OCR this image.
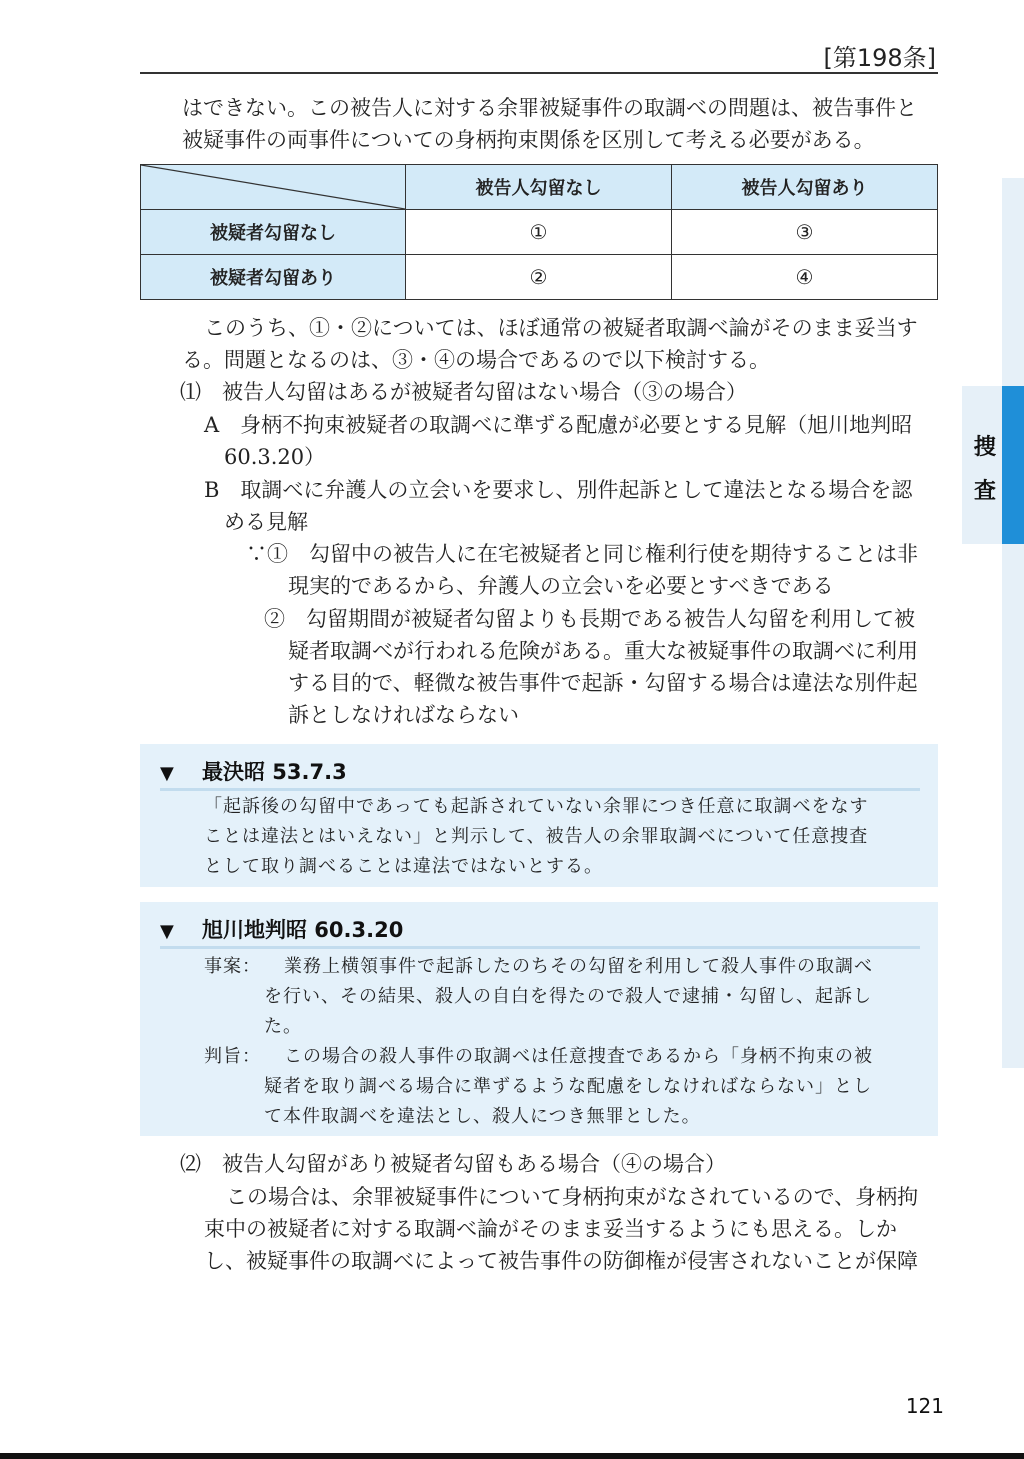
[第198条]

はできない。この被告人に対する余罪被疑事件の取調べの問題は、被告事件と
被疑事件の両事件についての身柄拘束関係を区別して考える必要がある。

	被告人勾留なし	被告人勾留あり
被疑者勾留なし	①	③
被疑者勾留あり	②	④

このうち、①・②については、ほぼ通常の被疑者取調べ論がそのまま妥当す
る。問題となるのは、③・④の場合であるので以下検討する。

⑴　被告人勾留はあるが被疑者勾留はない場合（③の場合）

A　身柄不拘束被疑者の取調べに準ずる配慮が必要とする見解（旭川地判昭
60.3.20）

B　取調べに弁護人の立会いを要求し、別件起訴として違法となる場合を認
める見解

∵①　勾留中の被告人に在宅被疑者と同じ権利行使を期待することは非
現実的であるから、弁護人の立会いを必要とすべきである

②　勾留期間が被疑者勾留よりも長期である被告人勾留を利用して被
疑者取調べが行われる危険がある。重大な被疑事件の取調べに利用
する目的で、軽微な被告事件で起訴・勾留する場合は違法な別件起
訴としなければならない

▼ 最決昭 53.7.3
「起訴後の勾留中であっても起訴されていない余罪につき任意に取調べをなす
ことは違法とはいえない」と判示して、被告人の余罪取調べについて任意捜査
として取り調べることは違法ではないとする。
▼ 旭川地判昭 60.3.20
事案：	業務上横領事件で起訴したのちその勾留を利用して殺人事件の取調べ
を行い、その結果、殺人の自白を得たので殺人で逮捕・勾留し、起訴し
た。
判旨：	この場合の殺人事件の取調べは任意捜査であるから「身柄不拘束の被
疑者を取り調べる場合に準ずるような配慮をしなければならない」とし
て本件取調べを違法とし、殺人につき無罪とした。

⑵　被告人勾留があり被疑者勾留もある場合（④の場合）

この場合は、余罪被疑事件について身柄拘束がなされているので、身柄拘
束中の被疑者に対する取調べ論がそのまま妥当するようにも思える。しか
し、被疑事件の取調べによって被告事件の防御権が侵害されないことが保障

捜
査
121
